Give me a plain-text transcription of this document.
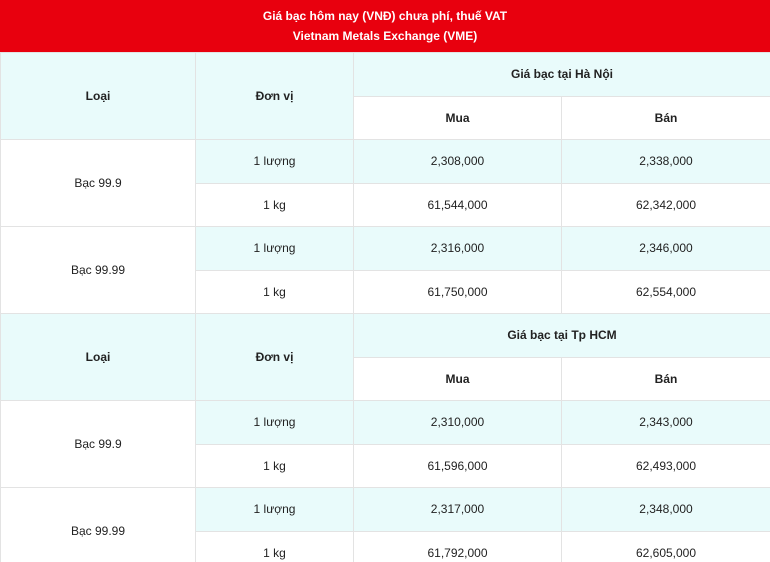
Giá bạc hôm nay (VNĐ) chưa phí, thuế VAT
Vietnam Metals Exchange (VME)
Loại	Đơn vị	Giá bạc tại Hà Nội	
		Mua	Bán
Bạc 99.9	1 lượng	2,308,000	2,338,000
	1 kg	61,544,000	62,342,000
Bạc 99.99	1 lượng	2,316,000	2,346,000
	1 kg	61,750,000	62,554,000
Loại	Đơn vị	Giá bạc tại Tp HCM	
		Mua	Bán
Bạc 99.9	1 lượng	2,310,000	2,343,000
	1 kg	61,596,000	62,493,000
Bạc 99.99	1 lượng	2,317,000	2,348,000
	1 kg	61,792,000	62,605,000
